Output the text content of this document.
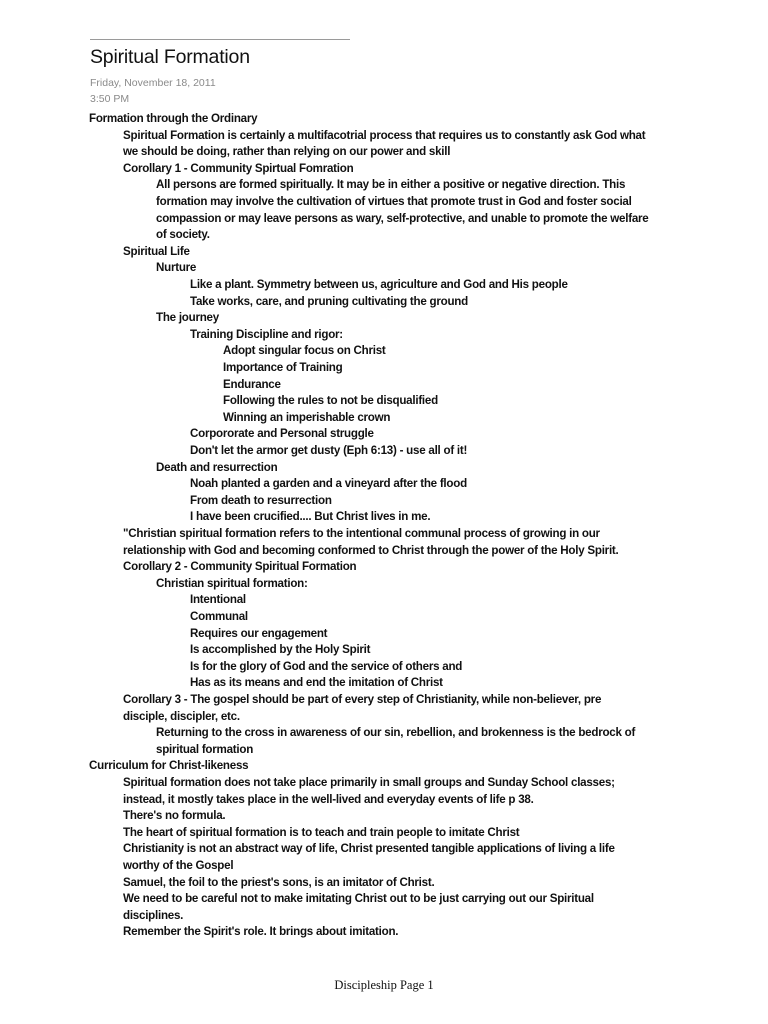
Spiritual Formation
Friday, November 18, 2011
3:50 PM
Formation through the Ordinary
Spiritual Formation is certainly a multifacotrial process that requires us to constantly ask God what
we should be doing, rather than relying on our power and skill
Corollary 1 - Community Spirtual Fomration
All persons are formed spiritually. It may be in either a positive or negative direction. This
formation may involve the cultivation of virtues that promote trust in God and foster social
compassion or may leave persons as wary, self-protective, and unable to promote the welfare
of society.
Spiritual Life
Nurture
Like a plant. Symmetry between us, agriculture and God and His people
Take works, care, and pruning cultivating the ground
The journey
Training Discipline and rigor:
Adopt singular focus on Christ
Importance of Training
Endurance
Following the rules to not be disqualified
Winning an imperishable crown
Corpororate and Personal struggle
Don't let the armor get dusty (Eph 6:13) - use all of it!
Death and resurrection
Noah planted a garden and a vineyard after the flood
From death to resurrection
I have been crucified.... But Christ lives in me.
"Christian spiritual formation refers to the intentional communal process of growing in our
relationship with God and becoming conformed to Christ through the power of the Holy Spirit.
Corollary 2 - Community Spiritual Formation
Christian spiritual formation:
Intentional
Communal
Requires our engagement
Is accomplished by the Holy Spirit
Is for the glory of God and the service of others and
Has as its means and end the imitation of Christ
Corollary 3 - The gospel should be part of every step of Christianity, while non-believer, pre
disciple, discipler, etc.
Returning to the cross in awareness of our sin, rebellion, and brokenness is the bedrock of
spiritual formation
Curriculum for Christ-likeness
Spiritual formation does not take place primarily in small groups and Sunday School classes;
instead, it mostly takes place in the well-lived and everyday events of life p 38.
There's no formula.
The heart of spiritual formation is to teach and train people to imitate Christ
Christianity is not an abstract way of life, Christ presented tangible applications of living a life
worthy of the Gospel
Samuel, the foil to the priest's sons, is an imitator of Christ.
We need to be careful not to make imitating Christ out to be just carrying out our Spiritual
disciplines.
Remember the Spirit's role. It brings about imitation.
Discipleship Page 1
